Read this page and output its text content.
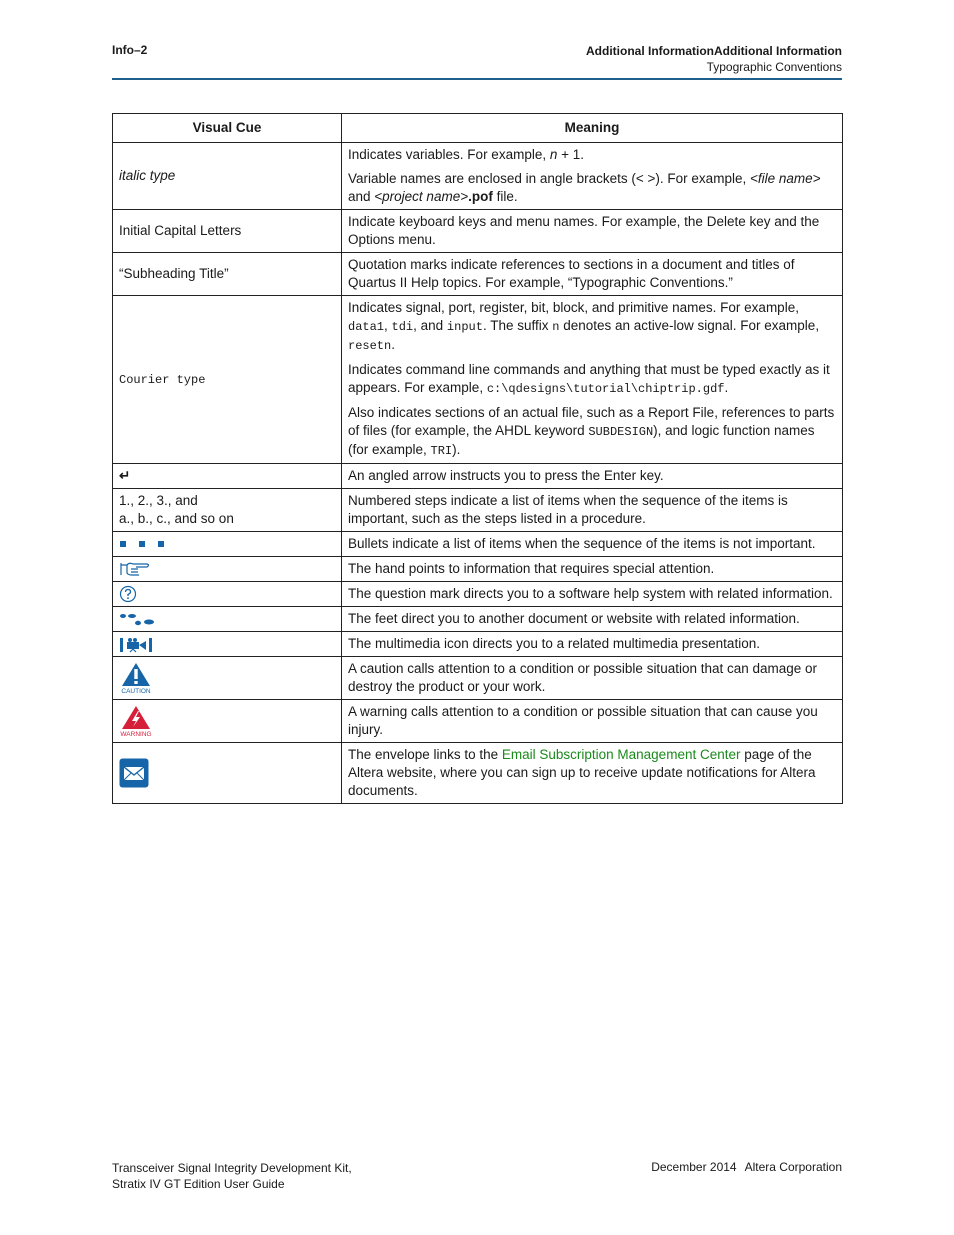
Info–2	Additional InformationAdditional Information
Typographic Conventions
Visual Cue	Meaning
italic type	Indicates variables. For example, n + 1.

Variable names are enclosed in angle brackets (< >). For example, <file name> and <project name>.pof file.

Initial Capital Letters	Indicate keyboard keys and menu names. For example, the Delete key and the Options menu.
“Subheading Title”	Quotation marks indicate references to sections in a document and titles of Quartus II Help topics. For example, “Typographic Conventions.”
Courier type	Indicates signal, port, register, bit, block, and primitive names. For example, data1, tdi, and input. The suffix n denotes an active-low signal. For example, resetn.

Indicates command line commands and anything that must be typed exactly as it appears. For example, c:\qdesigns\tutorial\chiptrip.gdf.

Also indicates sections of an actual file, such as a Report File, references to parts of files (for example, the AHDL keyword SUBDESIGN), and logic function names (for example, TRI).

↵	An angled arrow instructs you to press the Enter key.

1., 2., 3., and
a., b., c., and so on	Numbered steps indicate a list of items when the sequence of the items is important, such as the steps listed in a procedure.
	Bullets indicate a list of items when the sequence of the items is not important.
	The hand points to information that requires special attention.
	The question mark directs you to a software help system with related information.
	The feet direct you to another document or website with related information.
	The multimedia icon directs you to a related multimedia presentation.

CAUTION	A caution calls attention to a condition or possible situation that can damage or destroy the product or your work.

WARNING	A warning calls attention to a condition or possible situation that can cause you injury.
	The envelope links to the Email Subscription Management Center page of the Altera website, where you can sign up to receive update notifications for Altera documents.
Transceiver Signal Integrity Development Kit,
Stratix IV GT Edition User Guide
December 2014 Altera Corporation
